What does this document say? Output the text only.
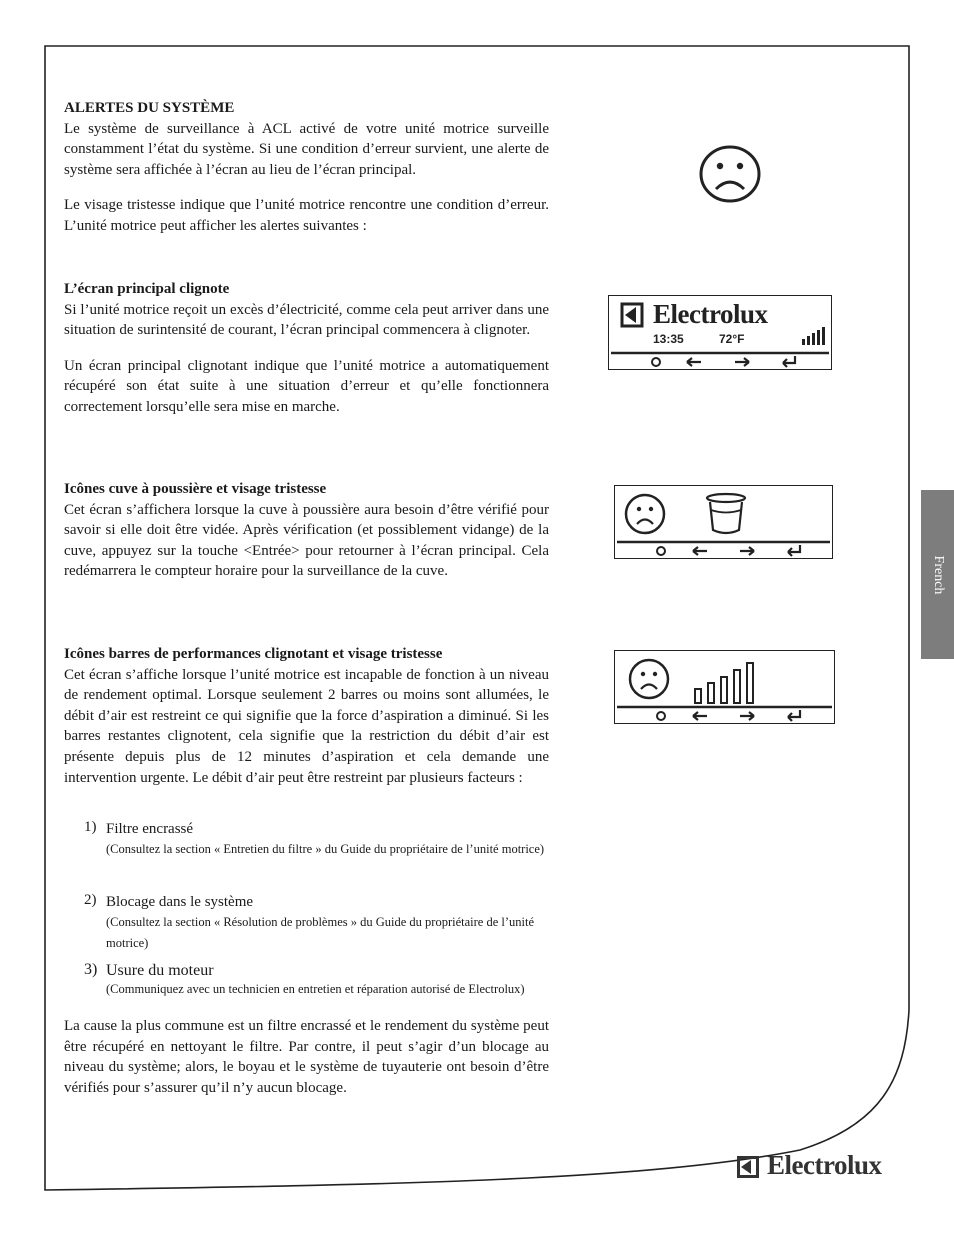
ALERTES DU SYSTÈME

Le système de surveillance à ACL activé de votre unité motrice surveille constamment l’état du système. Si une condition d’erreur survient, une alerte de système sera affichée à l’écran au lieu de l’écran principal.

Le visage tristesse indique que l’unité motrice rencontre une condition d’erreur. L’unité motrice peut afficher les alertes suivantes :

L’écran principal clignote

Si l’unité motrice reçoit un excès d’électricité, comme cela peut arriver dans une situation de surintensité de courant, l’écran principal commencera à clignoter.

Un écran principal clignotant indique que l’unité motrice a automatiquement récupéré son état suite à une situation d’erreur et qu’elle fonctionnera correctement lorsqu’elle sera mise en marche.

Electrolux
13:35	72°F

Icônes cuve à poussière et visage tristesse

Cet écran s’affichera lorsque la cuve à poussière aura besoin d’être vérifié pour savoir si elle doit être vidée. Après vérification (et possiblement vidange) de la cuve, appuyez sur la touche <Entrée> pour retourner à l’écran principal. Cela redémarrera le compteur horaire pour la surveillance de la cuve.

Icônes barres de performances clignotant et visage tristesse

Cet écran s’affiche lorsque l’unité motrice est incapable de fonction à un niveau de rendement optimal. Lorsque seulement 2 barres ou moins sont allumées, le débit d’air est restreint ce qui signifie que la force d’aspiration a diminué. Si les barres restantes clignotent, cela signifie que la restriction du débit d’air est présente depuis plus de 12 minutes d’aspiration et cela demande une intervention urgente. Le débit d’air peut être restreint par plusieurs facteurs :

1) Filtre encrassé
(Consultez la section « Entretien du filtre » du Guide du propriétaire de l’unité motrice)
2) Blocage dans le système
(Consultez la section « Résolution de problèmes » du Guide du propriétaire de l’unité motrice)
3) Usure du moteur
(Communiquez avec un technicien en entretien et réparation autorisé de Electrolux)
La cause la plus commune est un filtre encrassé et le rendement du système peut être récupéré en nettoyant le filtre. Par contre, il peut s’agir d’un blocage au niveau du système; alors, le boyau et le système de tuyauterie ont besoin d’être vérifiés pour s’assurer qu’il n’y aucun blocage.
French
Electrolux
